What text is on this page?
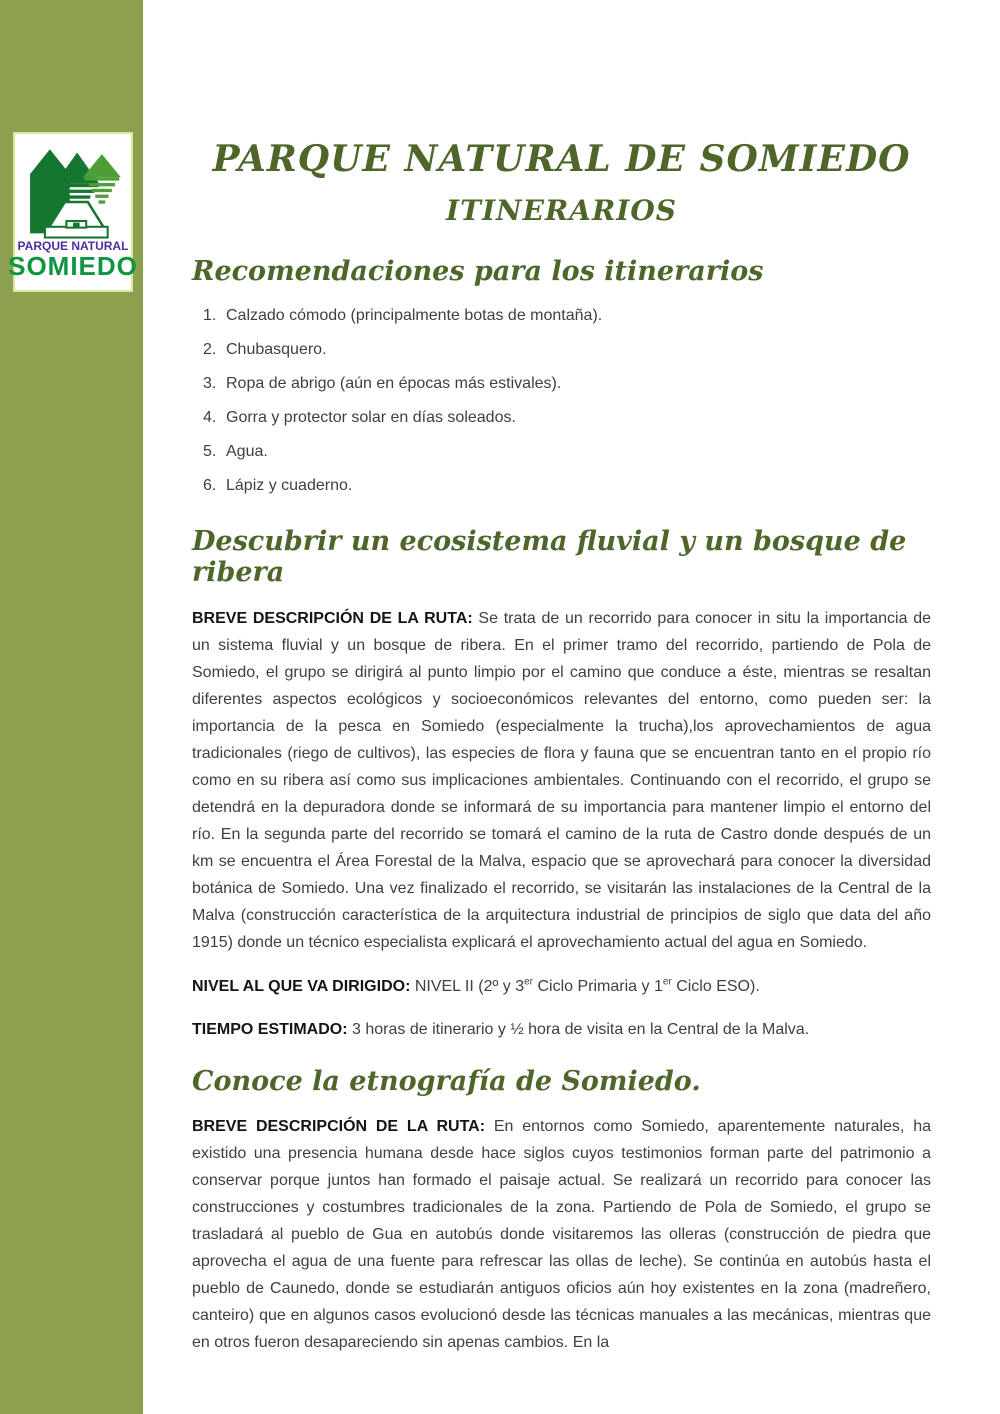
PARQUE NATURAL
SOMIEDO
PARQUE NATURAL DE SOMIEDO
ITINERARIOS
Recomendaciones para los itinerarios
1. Calzado cómodo (principalmente botas de montaña).
2. Chubasquero.
3. Ropa de abrigo (aún en épocas más estivales).
4. Gorra y protector solar en días soleados.
5. Agua.
6. Lápiz y cuaderno.
Descubrir un ecosistema fluvial y un bosque de ribera

BREVE DESCRIPCIÓN DE LA RUTA: Se trata de un recorrido para conocer in situ la importancia de un sistema fluvial y un bosque de ribera. En el primer tramo del recorrido, partiendo de Pola de Somiedo, el grupo se dirigirá al punto limpio por el camino que conduce a éste, mientras se resaltan diferentes aspectos ecológicos y socioeconómicos relevantes del entorno, como pueden ser: la importancia de la pesca en Somiedo (especialmente la trucha),los aprovechamientos de agua tradicionales (riego de cultivos), las especies de flora y fauna que se encuentran tanto en el propio río como en su ribera así como sus implicaciones ambientales. Continuando con el recorrido, el grupo se detendrá en la depuradora donde se informará de su importancia para mantener limpio el entorno del río. En la segunda parte del recorrido se tomará el camino de la ruta de Castro donde después de un km se encuentra el Área Forestal de la Malva, espacio que se aprovechará para conocer la diversidad botánica de Somiedo. Una vez finalizado el recorrido, se visitarán las instalaciones de la Central de la Malva (construcción característica de la arquitectura industrial de principios de siglo que data del año 1915) donde un técnico especialista explicará el aprovechamiento actual del agua en Somiedo.

NIVEL AL QUE VA DIRIGIDO: NIVEL II (2º y 3er Ciclo Primaria y 1er Ciclo ESO).

TIEMPO ESTIMADO: 3 horas de itinerario y ½ hora de visita en la Central de la Malva.

Conoce la etnografía de Somiedo.

BREVE DESCRIPCIÓN DE LA RUTA: En entornos como Somiedo, aparentemente naturales, ha existido una presencia humana desde hace siglos cuyos testimonios forman parte del patrimonio a conservar porque juntos han formado el paisaje actual. Se realizará un recorrido para conocer las construcciones y costumbres tradicionales de la zona. Partiendo de Pola de Somiedo, el grupo se trasladará al pueblo de Gua en autobús donde visitaremos las olleras (construcción de piedra que aprovecha el agua de una fuente para refrescar las ollas de leche). Se continúa en autobús hasta el pueblo de Caunedo, donde se estudiarán antiguos oficios aún hoy existentes en la zona (madreñero, canteiro) que en algunos casos evolucionó desde las técnicas manuales a las mecánicas, mientras que en otros fueron desapareciendo sin apenas cambios. En la
